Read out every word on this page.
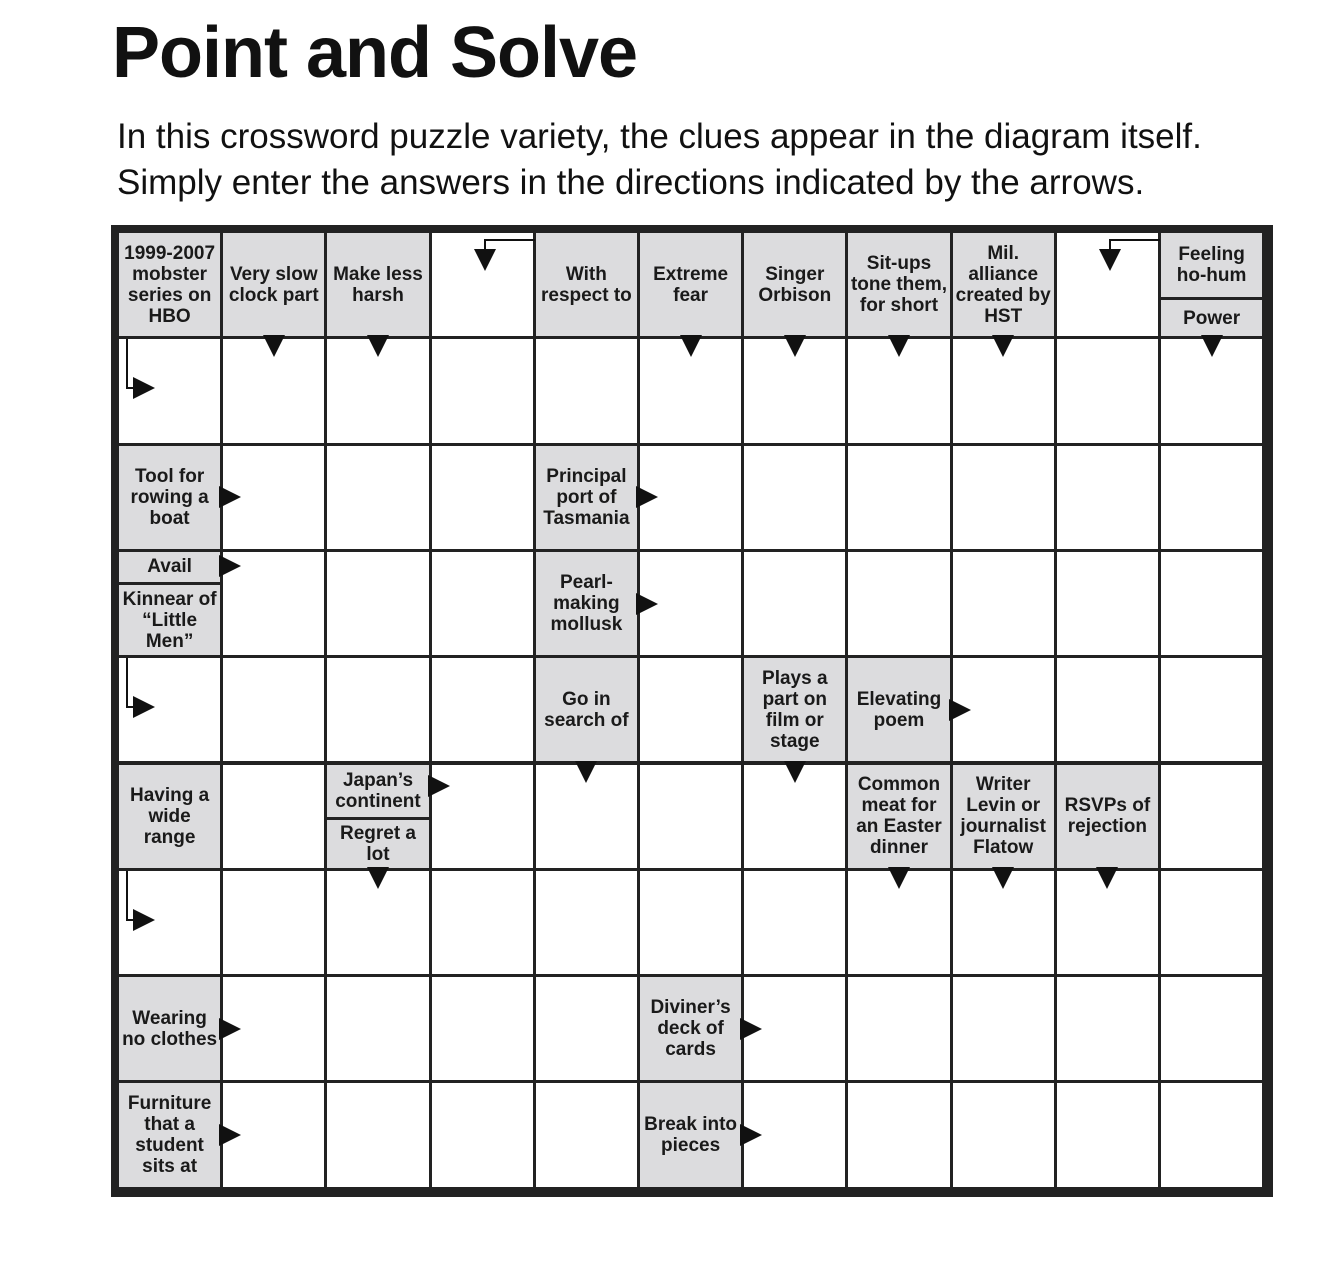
Point and Solve
In this crossword puzzle variety, the clues appear in the diagram itself.
Simply enter the answers in the directions indicated by the arrows.
1999-2007 mobster series on HBO
Very slow clock part
Make less harsh
With respect to
Extreme fear
Singer Orbison
Sit-ups tone them, for short
Mil. alliance created by HST
Feeling ho-hum
Power
Tool for rowing a boat
Principal port of Tasmania
Avail
Kinnear of “Little Men”
Pearl-making mollusk
Go in search of
Plays a part on film or stage
Elevating poem
Having a wide range
Japan’s continent
Regret a lot
Common meat for an Easter dinner
Writer Levin or journalist Flatow
RSVPs of rejection
Wearing no clothes
Diviner’s deck of cards
Furniture that a student sits at
Break into pieces
